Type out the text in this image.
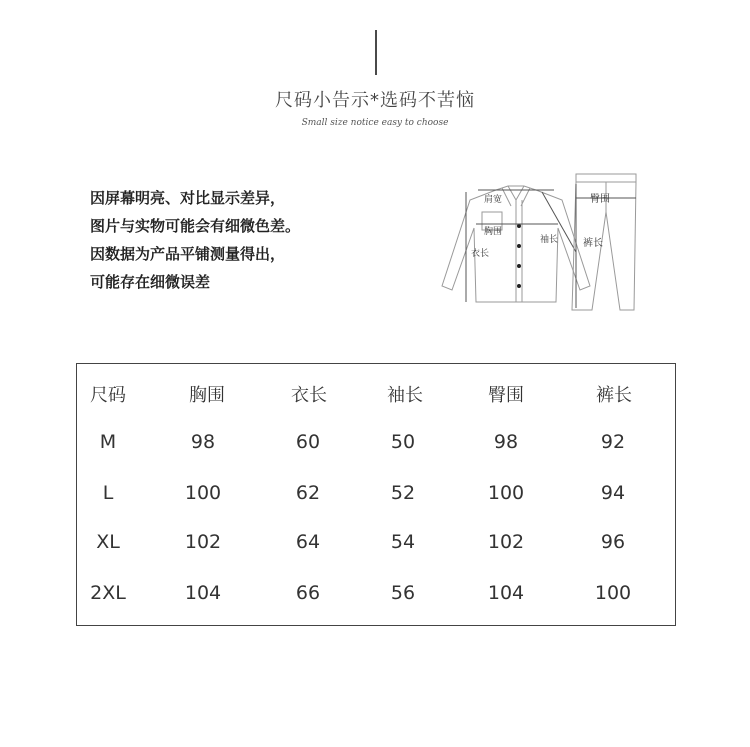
尺码小告示*选码不苦恼
Small size notice easy to choose
因屏幕明亮、对比显示差异，
图片与实物可能会有细微色差。
因数据为产品平铺测量得出，
可能存在细微误差
肩宽
胸围
衣长
袖长
臀围
裤长
尺码	胸围	衣长	袖长	臀围	裤长
M	98	60	50	98	92
L	100	62	52	100	94
XL	102	64	54	102	96
2XL	104	66	56	104	100
